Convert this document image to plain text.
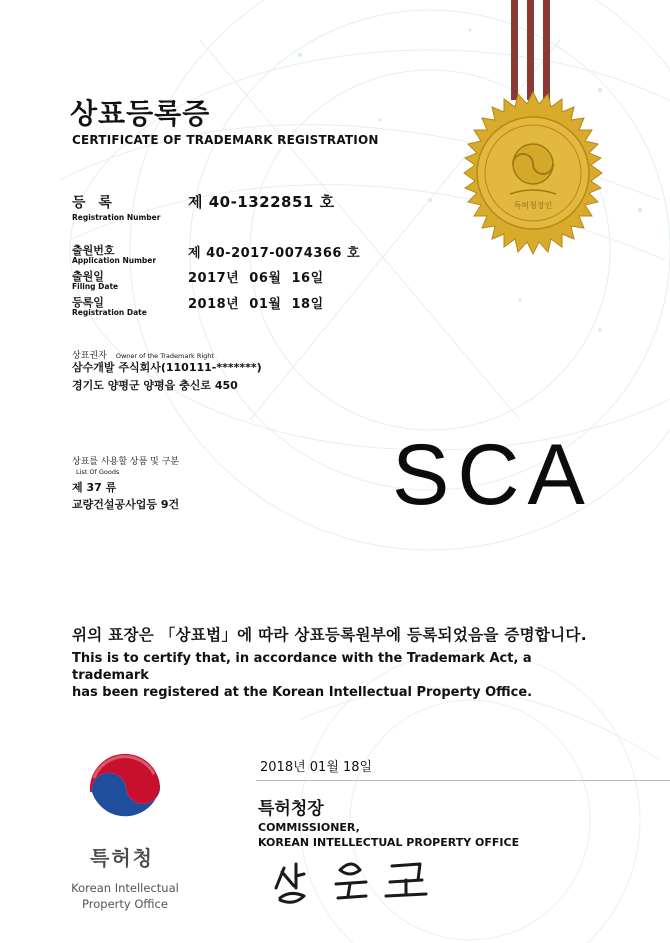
특허청장인
상표등록증
CERTIFICATE OF TRADEMARK REGISTRATION
등 록
Registration Number
제 40-1322851 호
출원번호
Application Number 제 40-2017-0074366 호
출원일
Filing Date
2017년  06월  16일
등록일
Registration Date
2018년  01월  18일
상표권자 Owner of the Trademark Right
삼수개발 주식회사(110111-*******)
경기도 양평군 양평읍 충신로 450
상표를 사용할 상품 및 구분
List Of Goods
제 37 류
교량건설공사업등 9건 SCA
위의 표장은 「상표법」에 따라 상표등록원부에 등록되었음을 증명합니다.
This is to certify that, in accordance with the Trademark Act, a trademark
has been registered at the Korean Intellectual Property Office.
특허청
Korean Intellectual
Property Office
2018년 01월 18일
특허청장
COMMISSIONER,
KOREAN INTELLECTUAL PROPERTY OFFICE
